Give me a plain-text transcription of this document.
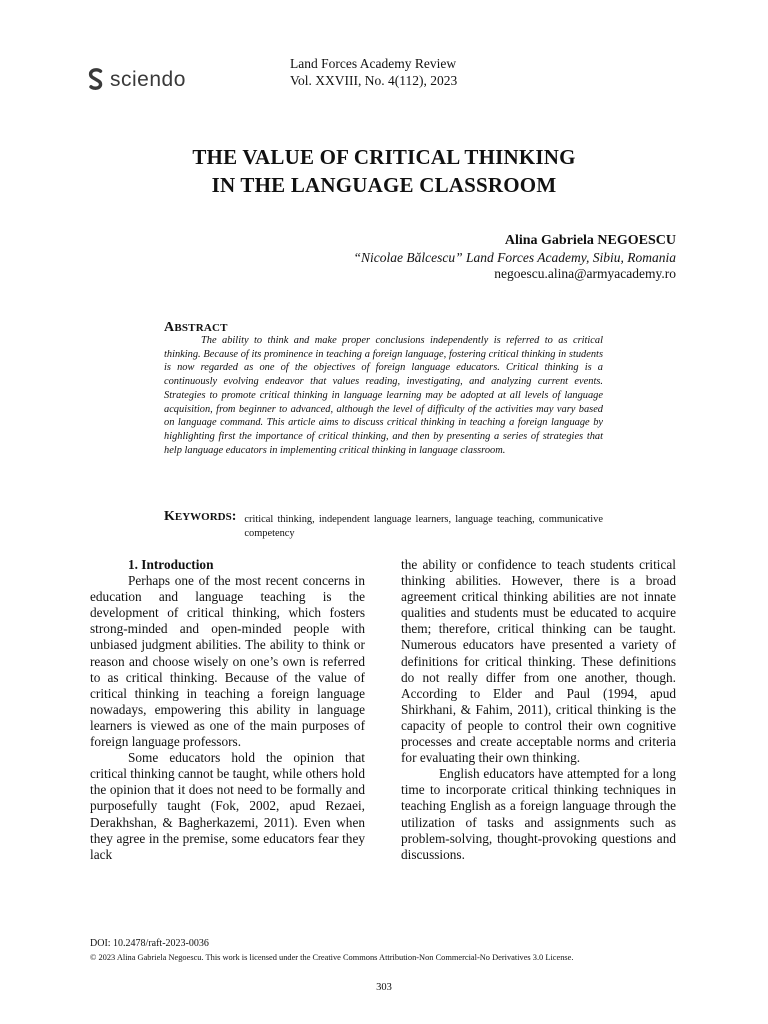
sciendo
Land Forces Academy Review
Vol. XXVIII, No. 4(112), 2023
THE VALUE OF CRITICAL THINKING
IN THE LANGUAGE CLASSROOM
Alina Gabriela NEGOESCU
“Nicolae Bălcescu” Land Forces Academy, Sibiu, Romania
negoescu.alina@armyacademy.ro
ABSTRACT
The ability to think and make proper conclusions independently is referred to as critical thinking. Because of its prominence in teaching a foreign language, fostering critical thinking in students is now regarded as one of the objectives of foreign language educators. Critical thinking is a continuously evolving endeavor that values reading, investigating, and analyzing current events. Strategies to promote critical thinking in language learning may be adopted at all levels of language acquisition, from beginner to advanced, although the level of difficulty of the activities may vary based on language command. This article aims to discuss critical thinking in teaching a foreign language by highlighting first the importance of critical thinking, and then by presenting a series of strategies that help language educators in implementing critical thinking in language classroom.
KEYWORDS: critical thinking, independent language learners, language teaching, communicative competency
1. Introduction

Perhaps one of the most recent concerns in education and language teaching is the development of critical thinking, which fosters strong-minded and open-minded people with unbiased judgment abilities. The ability to think or reason and choose wisely on one’s own is referred to as critical thinking. Because of the value of critical thinking in teaching a foreign language nowadays, empowering this ability in language learners is viewed as one of the main purposes of foreign language professors.

Some educators hold the opinion that critical thinking cannot be taught, while others hold the opinion that it does not need to be formally and purposefully taught (Fok, 2002, apud Rezaei, Derakhshan, & Bagherkazemi, 2011). Even when they agree in the premise, some educators fear they lack

the ability or confidence to teach students critical thinking abilities. However, there is a broad agreement critical thinking abilities are not innate qualities and students must be educated to acquire them; therefore, critical thinking can be taught. Numerous educators have presented a variety of definitions for critical thinking. These definitions do not really differ from one another, though. According to Elder and Paul (1994, apud Shirkhani, & Fahim, 2011), critical thinking is the capacity of people to control their own cognitive processes and create acceptable norms and criteria for evaluating their own thinking.

English educators have attempted for a long time to incorporate critical thinking techniques in teaching English as a foreign language through the utilization of tasks and assignments such as problem-solving, thought-provoking questions and discussions.

DOI: 10.2478/raft-2023-0036
© 2023 Alina Gabriela Negoescu. This work is licensed under the Creative Commons Attribution-Non Commercial-No Derivatives 3.0 License.
303
